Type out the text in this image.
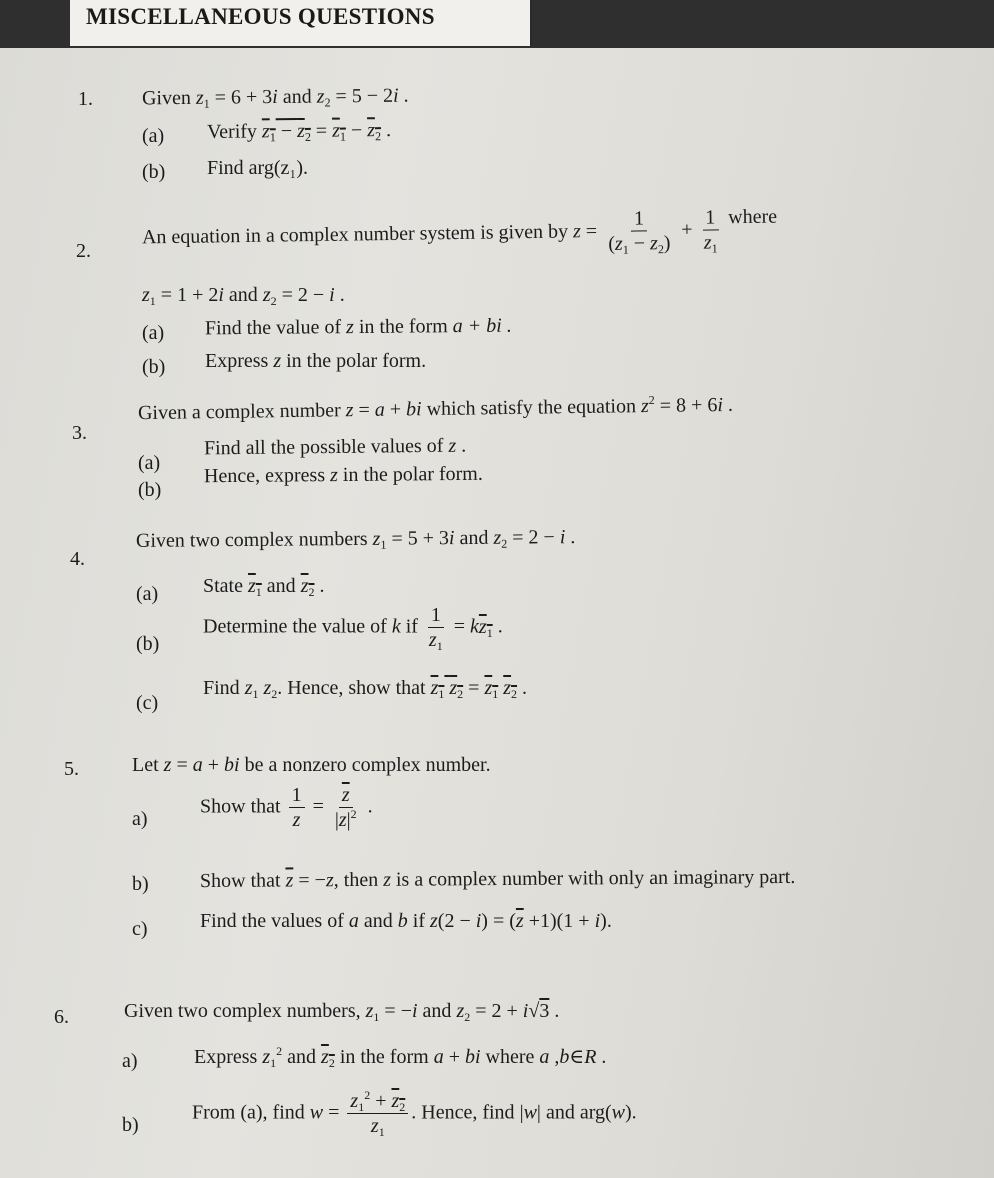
MISCELLANEOUS QUESTIONS
1. Given $z_1 = 6 + 3i$ and $z_2 = 5 - 2i$ .
(a) Verify $z_1 - z_2 = z_1 - z_2$ .
(b) Find arg(z₁).
2.
An equation in a complex number system is given by $z = \frac{1}{(z_1 - z_2)} + \frac{1}{z_1}$ where
$z_1 = 1 + 2i$ and $z_2 = 2 - i$ .
(a) Find the value of z in the form a + bi .
(b) Express z in the polar form.
3.
Given a complex number z = a + bi which satisfy the equation $z^2 = 8 + 6i$ .
(a)
Find all the possible values of z .
(b)
Hence, express z in the polar form.
4.
Given two complex numbers $z_1 = 5 + 3i$ and $z_2 = 2 - i$ .
(a) State $z_1$ and $z_2$ .
(b)
Determine the value of k if $\frac{1}{z_1} = kz_1$ .
(c)
Find $z_1$ $z_2$. Hence, show that $z_1$ $z_2 = z_1$ $z_2$ .
5.	Let z = a + bi be a nonzero complex number.
a)
Show that $\frac{1}{z} = \frac{\overline{z}}{|z|^2}$ .
b)	Show that $\overline{z} = -z$, then z is a complex number with only an imaginary part.
c)	Find the values of a and b if $z(2 - i) = (\overline{z} +1)(1 + i)$.
6.	Given two complex numbers, $z_1 = -i$ and $z_2 = 2 + i√3$ .
a)	Express $z_1^2$ and $z_2$ in the form a + bi where a ,b∈R .
b)
From (a), find $w = \frac{z_1^2 + z_2}{z_1}$ . Hence, find |w| and arg(w).
